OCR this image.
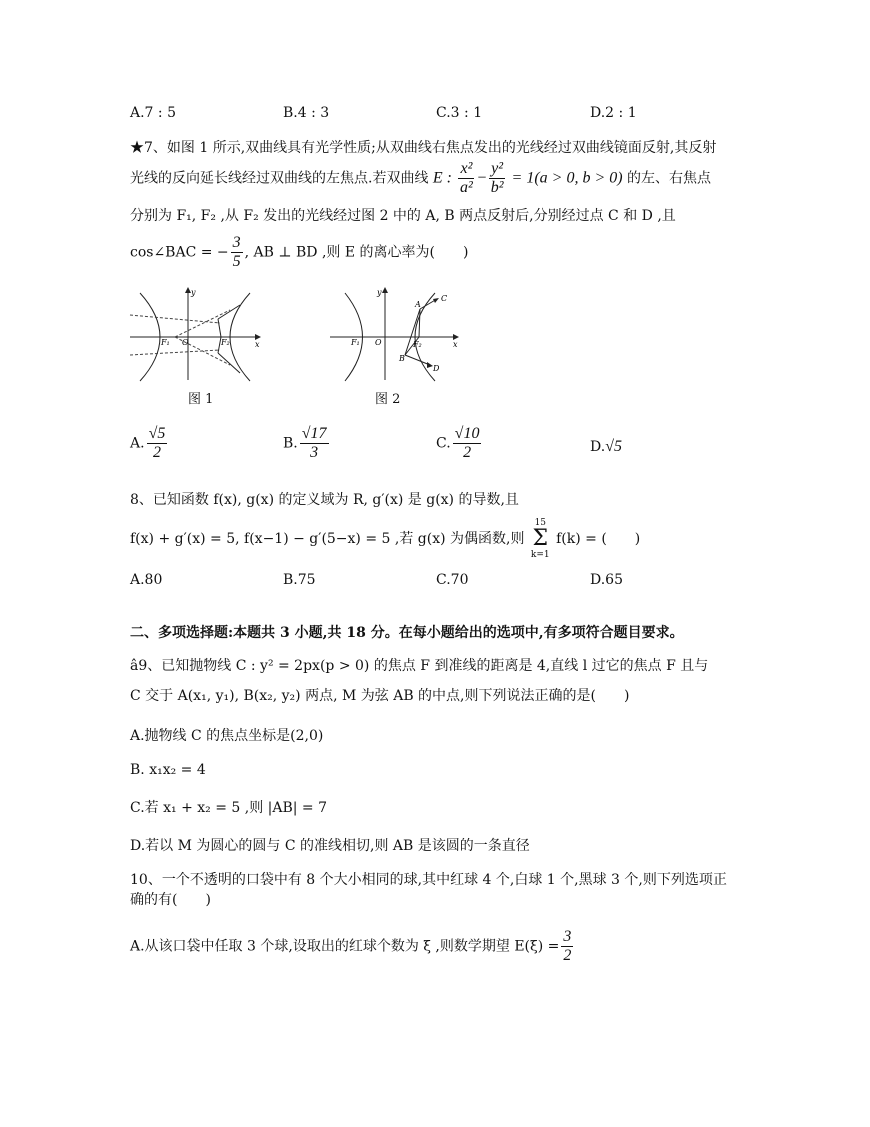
A.7 : 5	B.4 : 3	C.3 : 1	D.2 : 1
★7、如图 1 所示,双曲线具有光学性质;从双曲线右焦点发出的光线经过双曲线镜面反射,其反射
光线的反向延长线经过双曲线的左焦点.若双曲线 E : $\frac{\text{x²}}{\text{a²}} - \frac{\text{y²}}{\text{b²}} = 1(a > 0$, b > 0) 的左、右焦点
分别为 F₁, F₂ ,从 F₂ 发出的光线经过图 2 中的 A, B 两点反射后,分别经过点 C 和 D ,且
cos∠BAC = − $\frac{3}{5}$ , AB ⊥ BD ,则 E 的离心率为(　　)
F₁ O	F₂	x
y
图 1
F₁ O	F₂
A
C
B
D
x
y
图 2
A. $\frac{√5}{2}$	B. $\frac{√17}{3}$	C. $\frac{√10}{2}$	D.√5
8、已知函数 f(x), g(x) 的定义域为 R, g′(x) 是 g(x) 的导数,且
f(x) + g′(x) = 5, f(x−1) − g′(5−x) = 5 ,若 g(x) 为偶函数,则 15
Σ
k=1 f(k) = (　　)
A.80	B.75	C.70	D.65
二、多项选择题:本题共 3 小题,共 18 分。在每小题给出的选项中,有多项符合题目要求。
â9、已知抛物线 C : y² = 2px(p > 0) 的焦点 F 到准线的距离是 4,直线 l 过它的焦点 F 且与
C 交于 A(x₁, y₁), B(x₂, y₂) 两点, M 为弦 AB 的中点,则下列说法正确的是(　　)
A.抛物线 C 的焦点坐标是(2,0)
B. x₁x₂ = 4
C.若 x₁ + x₂ = 5 ,则 |AB| = 7
D.若以 M 为圆心的圆与 C 的准线相切,则 AB 是该圆的一条直径
10、一个不透明的口袋中有 8 个大小相同的球,其中红球 4 个,白球 1 个,黑球 3 个,则下列选项正
确的有(　　)
A.从该口袋中任取 3 个球,设取出的红球个数为 ξ ,则数学期望 $E(\xi) = \frac{3}{2}$
